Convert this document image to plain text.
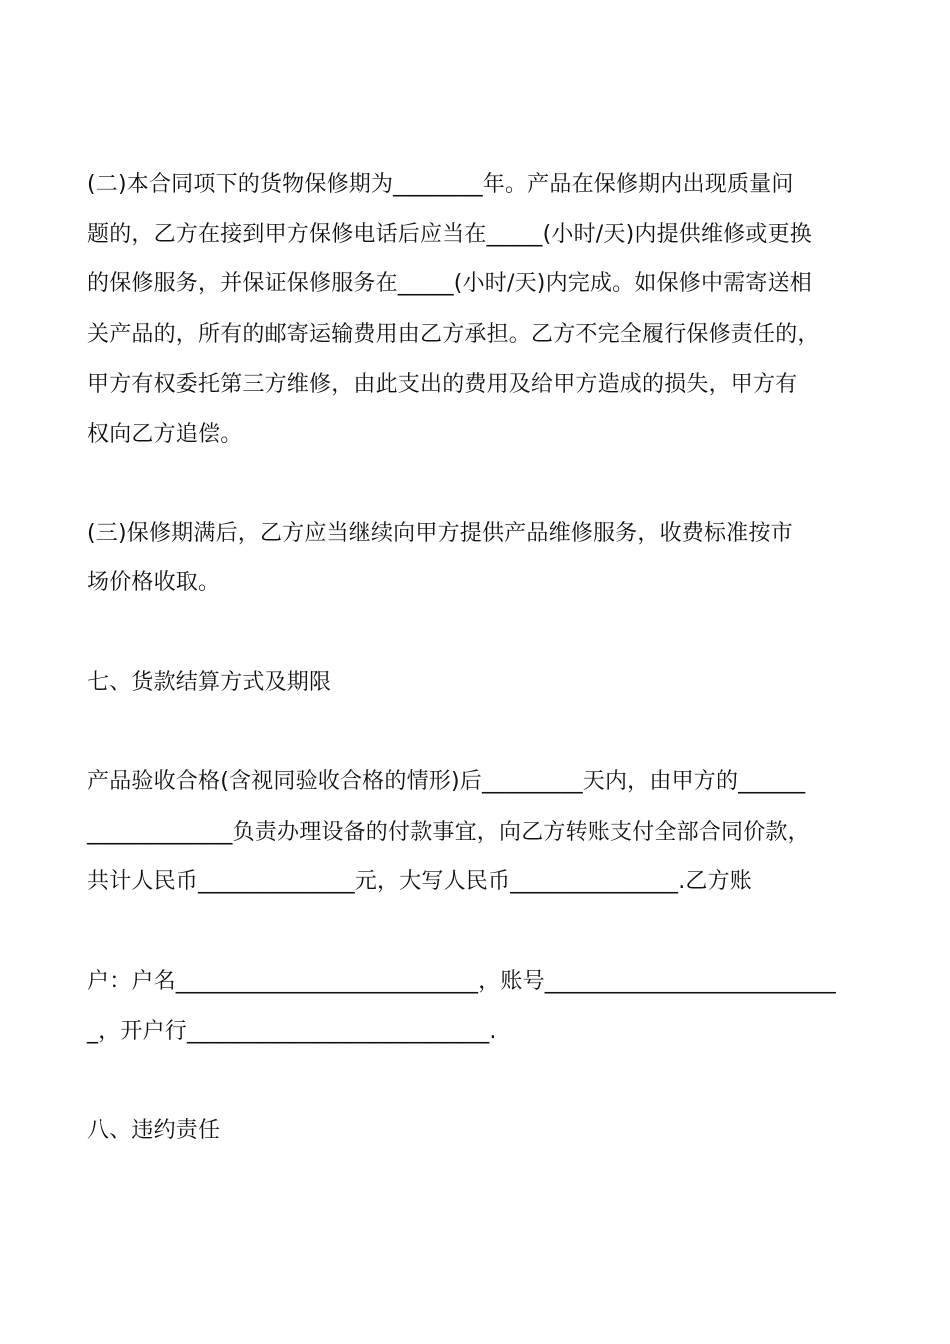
(二)本合同项下的货物保修期为________年。产品在保修期内出现质量问
题的，乙方在接到甲方保修电话后应当在_____(小时/天)内提供维修或更换
的保修服务，并保证保修服务在_____(小时/天)内完成。如保修中需寄送相
关产品的，所有的邮寄运输费用由乙方承担。乙方不完全履行保修责任的，
甲方有权委托第三方维修，由此支出的费用及给甲方造成的损失，甲方有
权向乙方追偿。
(三)保修期满后，乙方应当继续向甲方提供产品维修服务，收费标准按市
场价格收取。
七、货款结算方式及期限
产品验收合格(含视同验收合格的情形)后_________天内，由甲方的______
_____________负责办理设备的付款事宜，向乙方转账支付全部合同价款，
共计人民币______________元，大写人民币_______________.乙方账
户：户名___________________________，账号__________________________
_，开户行___________________________.
八、违约责任
